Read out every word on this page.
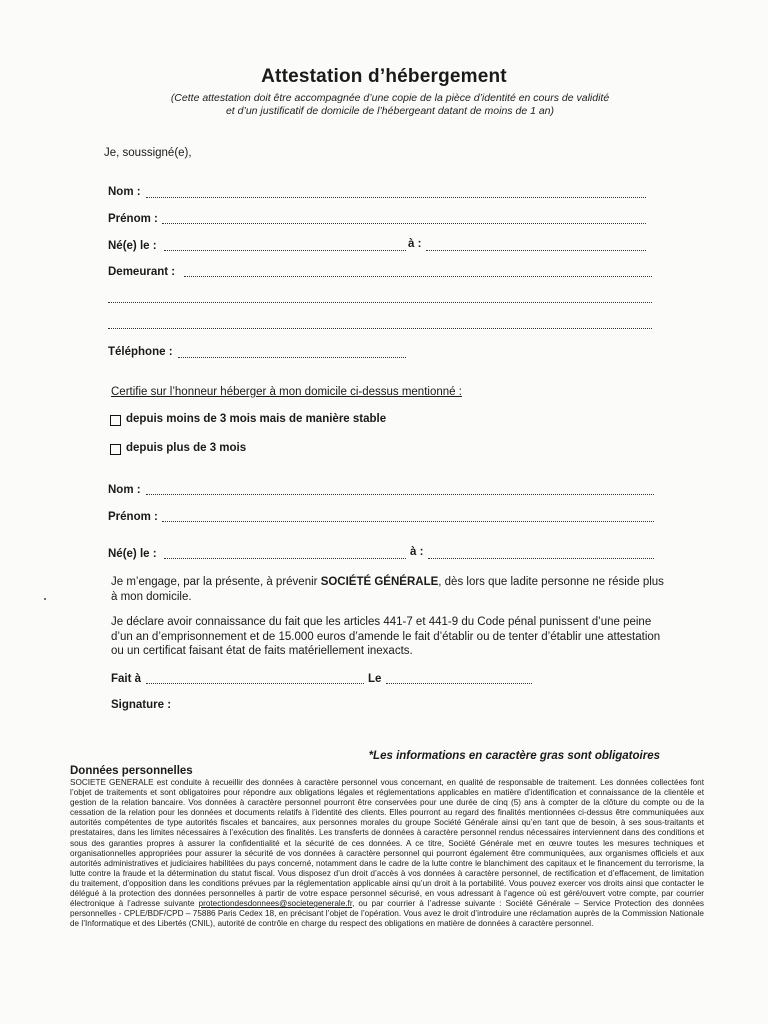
Attestation d’hébergement
(Cette attestation doit être accompagnée d’une copie de la pièce d’identité en cours de validité
et d’un justificatif de domicile de l’hébergeant datant de moins de 1 an)
Je, soussigné(e),
Nom :
Prénom :
Né(e) le :	à :
Demeurant :
Téléphone :
Certifie sur l’honneur héberger à mon domicile ci-dessus mentionné :
depuis moins de 3 mois mais de manière stable
depuis plus de 3 mois
Nom :
Prénom :
Né(e) le :	à :
Je m’engage, par la présente, à prévenir SOCIÉTÉ GÉNÉRALE, dès lors que ladite personne ne réside plus à mon domicile.
Je déclare avoir connaissance du fait que les articles 441-7 et 441-9 du Code pénal punissent d’une peine d’un an d’emprisonnement et de 15.000 euros d’amende le fait d’établir ou de tenter d’établir une attestation ou un certificat faisant état de faits matériellement inexacts.
Fait à	Le
Signature :
*Les informations en caractère gras sont obligatoires
Données personnelles
SOCIETE GENERALE est conduite à recueillir des données à caractère personnel vous concernant, en qualité de responsable de traitement. Les données collectées font l’objet de traitements et sont obligatoires pour répondre aux obligations légales et réglementations applicables en matière d’identification et connaissance de la clientèle et gestion de la relation bancaire. Vos données à caractère personnel pourront être conservées pour une durée de cinq (5) ans à compter de la clôture du compte ou de la cessation de la relation pour les données et documents relatifs à l’identité des clients. Elles pourront au regard des finalités mentionnées ci-dessus être communiquées aux autorités compétentes de type autorités fiscales et bancaires, aux personnes morales du groupe Société Générale ainsi qu’en tant que de besoin, à ses sous-traitants et prestataires, dans les limites nécessaires à l’exécution des finalités. Les transferts de données à caractère personnel rendus nécessaires interviennent dans des conditions et sous des garanties propres à assurer la confidentialité et la sécurité de ces données. A ce titre, Société Générale met en œuvre toutes les mesures techniques et organisationnelles appropriées pour assurer la sécurité de vos données à caractère personnel qui pourront également être communiquées, aux organismes officiels et aux autorités administratives et judiciaires habilitées du pays concerné, notamment dans le cadre de la lutte contre le blanchiment des capitaux et le financement du terrorisme, la lutte contre la fraude et la détermination du statut fiscal. Vous disposez d’un droit d’accès à vos données à caractère personnel, de rectification et d’effacement, de limitation du traitement, d’opposition dans les conditions prévues par la réglementation applicable ainsi qu’un droit à la portabilité. Vous pouvez exercer vos droits ainsi que contacter le délégué à la protection des données personnelles à partir de votre espace personnel sécurisé, en vous adressant à l’agence où est géré/ouvert votre compte, par courrier électronique à l’adresse suivante protectiondesdonnees@societegenerale.fr, ou par courrier à l’adresse suivante : Société Générale – Service Protection des données personnelles - CPLE/BDF/CPD – 75886 Paris Cedex 18, en précisant l’objet de l’opération. Vous avez le droit d’introduire une réclamation auprès de la Commission Nationale de l’Informatique et des Libertés (CNIL), autorité de contrôle en charge du respect des obligations en matière de données à caractère personnel.
